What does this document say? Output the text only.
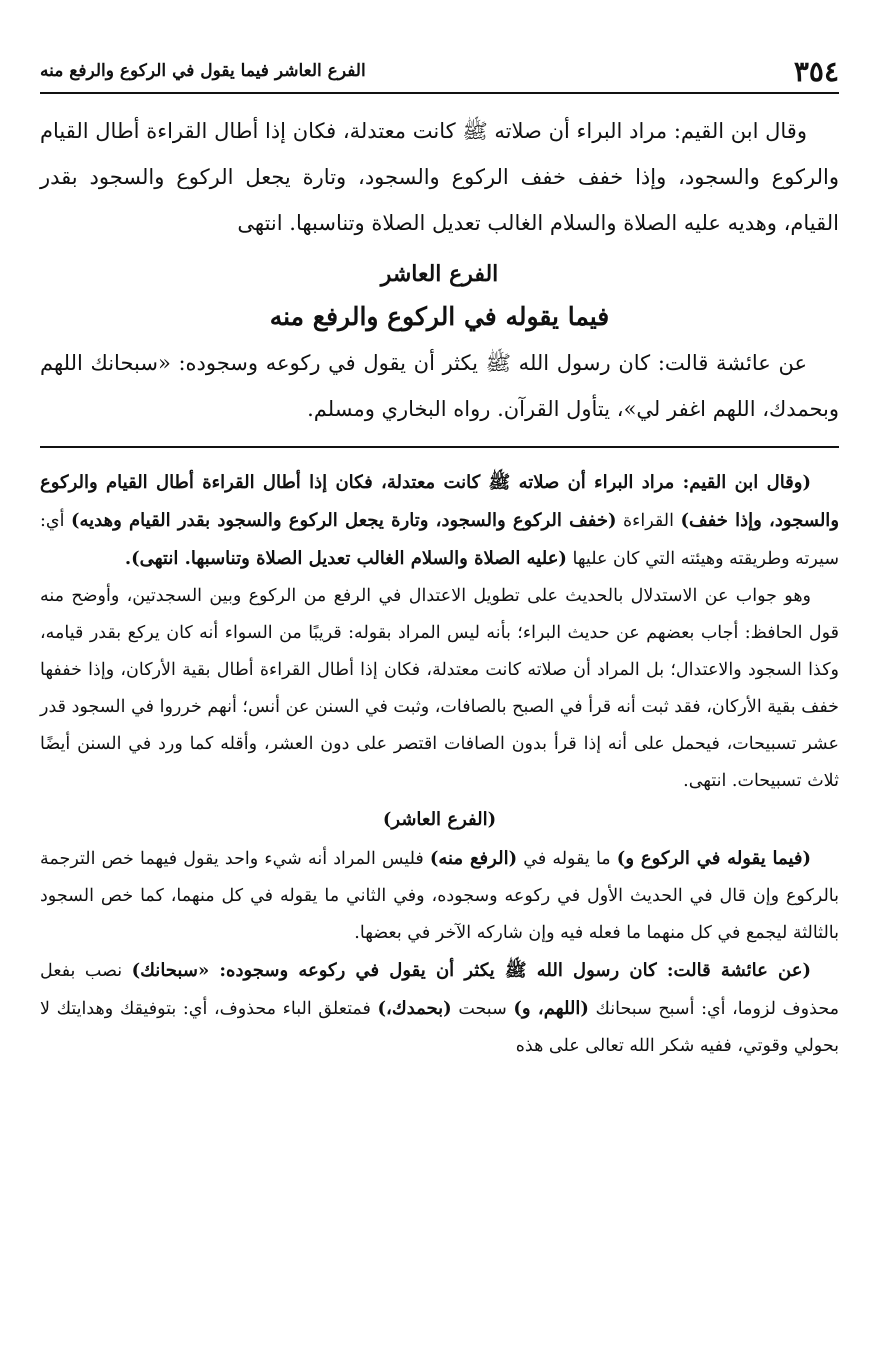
٣٥٤
الفرع العاشر فيما يقول في الركوع والرفع منه

وقال ابن القيم: مراد البراء أن صلاته ﷺ كانت معتدلة، فكان إذا أطال القراءة أطال القيام والركوع والسجود، وإذا خفف خفف الركوع والسجود، وتارة يجعل الركوع والسجود بقدر القيام، وهديه عليه الصلاة والسلام الغالب تعديل الصلاة وتناسبها. انتهى

الفرع العاشر
فيما يقوله في الركوع والرفع منه

عن عائشة قالت: كان رسول الله ﷺ يكثر أن يقول في ركوعه وسجوده: «سبحانك اللهم وبحمدك، اللهم اغفر لي»، يتأول القرآن. رواه البخاري ومسلم.

(وقال ابن القيم: مراد البراء أن صلاته ﷺ كانت معتدلة، فكان إذا أطال القراءة أطال القيام والركوع والسجود، وإذا خفف) القراءة (خفف الركوع والسجود، وتارة يجعل الركوع والسجود بقدر القيام وهديه) أي: سيرته وطريقته وهيئته التي كان عليها (عليه الصلاة والسلام الغالب تعديل الصلاة وتناسبها. انتهى).

وهو جواب عن الاستدلال بالحديث على تطويل الاعتدال في الرفع من الركوع وبين السجدتين، وأوضح منه قول الحافظ: أجاب بعضهم عن حديث البراء؛ بأنه ليس المراد بقوله: قريبًا من السواء أنه كان يركع بقدر قيامه، وكذا السجود والاعتدال؛ بل المراد أن صلاته كانت معتدلة، فكان إذا أطال القراءة أطال بقية الأركان، وإذا خففها خفف بقية الأركان، فقد ثبت أنه قرأ في الصبح بالصافات، وثبت في السنن عن أنس؛ أنهم خرروا في السجود قدر عشر تسبيحات، فيحمل على أنه إذا قرأ بدون الصافات اقتصر على دون العشر، وأقله كما ورد في السنن أيضًا ثلاث تسبيحات. انتهى.

(الفرع العاشر)

(فيما يقوله في الركوع و) ما يقوله في (الرفع منه) فليس المراد أنه شيء واحد يقول فيهما خص الترجمة بالركوع وإن قال في الحديث الأول في ركوعه وسجوده، وفي الثاني ما يقوله في كل منهما، كما خص السجود بالثالثة ليجمع في كل منهما ما فعله فيه وإن شاركه الآخر في بعضها.

(عن عائشة قالت: كان رسول الله ﷺ يكثر أن يقول في ركوعه وسجوده: «سبحانك) نصب بفعل محذوف لزوما، أي: أسبح سبحانك (اللهم، و) سبحت (بحمدك،) فمتعلق الباء محذوف، أي: بتوفيقك وهدايتك لا بحولي وقوتي، ففيه شكر الله تعالى على هذه
